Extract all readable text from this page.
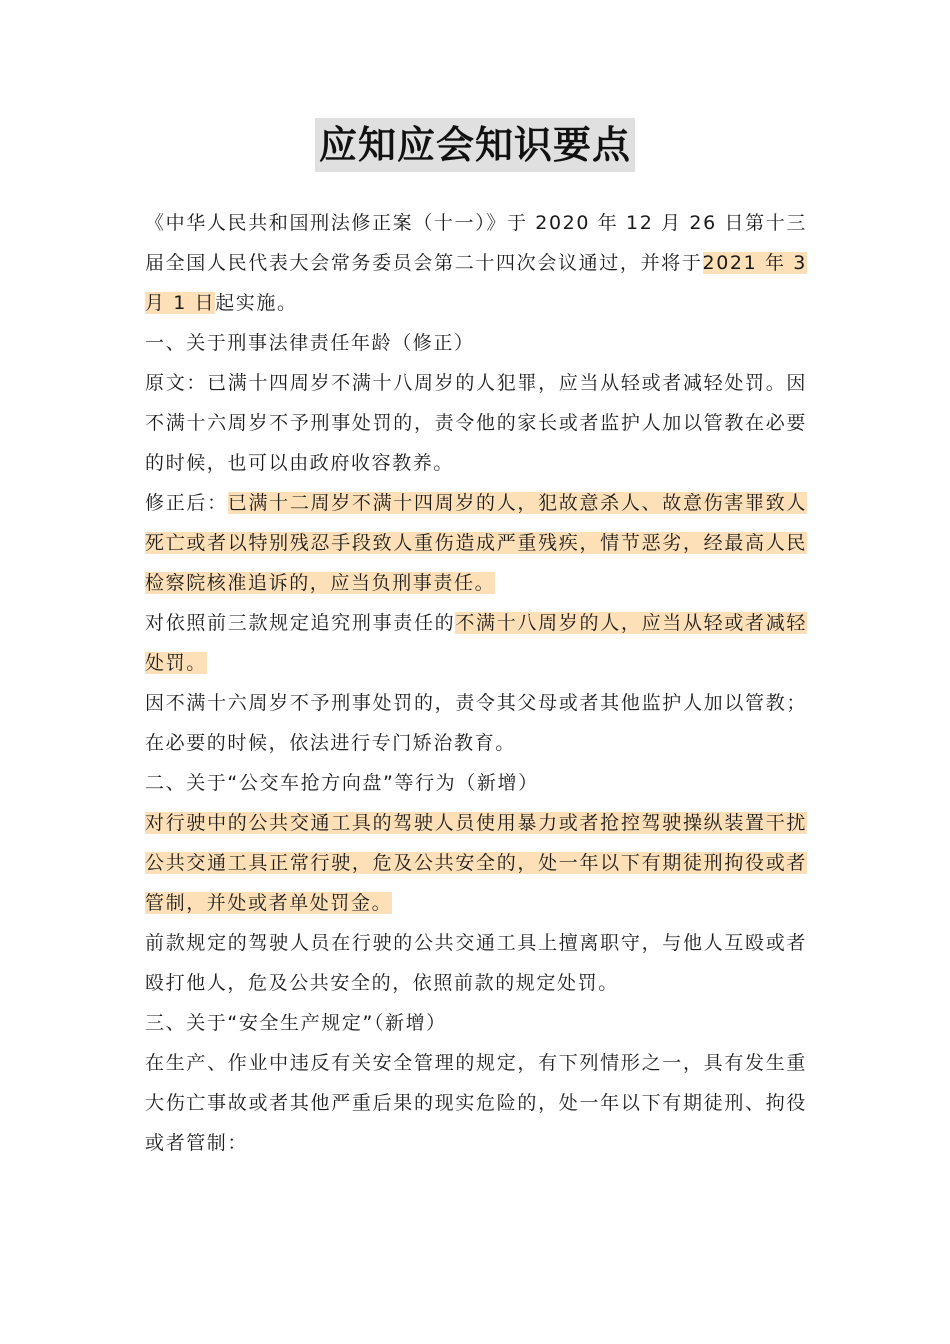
应知应会知识要点

《中华人民共和国刑法修正案（十一）》于 2020 年 12 月 26 日第十三届全国人民代表大会常务委员会第二十四次会议通过，并将于2021 年 3 月 1 日起实施。

一、关于刑事法律责任年龄（修正）

原文：已满十四周岁不满十八周岁的人犯罪，应当从轻或者减轻处罚。因不满十六周岁不予刑事处罚的，责令他的家长或者监护人加以管教在必要的时候，也可以由政府收容教养。

修正后：已满十二周岁不满十四周岁的人，犯故意杀人、故意伤害罪致人死亡或者以特别残忍手段致人重伤造成严重残疾，情节恶劣，经最高人民检察院核准追诉的，应当负刑事责任。

对依照前三款规定追究刑事责任的不满十八周岁的人，应当从轻或者减轻处罚。

因不满十六周岁不予刑事处罚的，责令其父母或者其他监护人加以管教；在必要的时候，依法进行专门矫治教育。

二、关于“公交车抢方向盘”等行为（新增）

对行驶中的公共交通工具的驾驶人员使用暴力或者抢控驾驶操纵装置干扰公共交通工具正常行驶，危及公共安全的，处一年以下有期徒刑拘役或者管制，并处或者单处罚金。

前款规定的驾驶人员在行驶的公共交通工具上擅离职守，与他人互殴或者殴打他人，危及公共安全的，依照前款的规定处罚。

三、关于“安全生产规定”（新增）

在生产、作业中违反有关安全管理的规定，有下列情形之一，具有发生重大伤亡事故或者其他严重后果的现实危险的，处一年以下有期徒刑、拘役或者管制：
